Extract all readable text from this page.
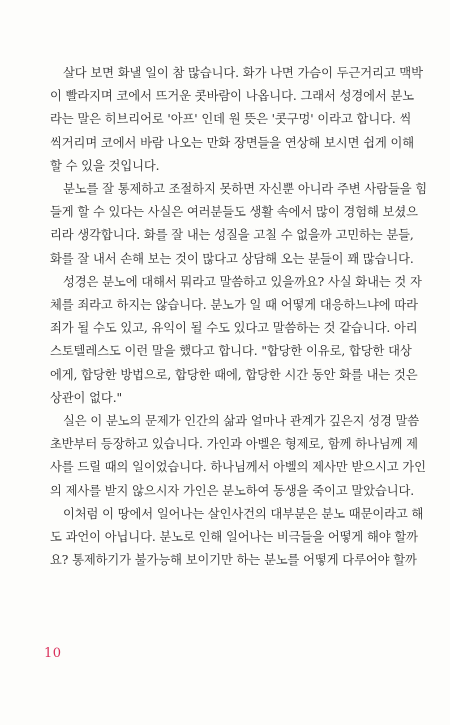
살다 보면 화낼 일이 참 많습니다. 화가 나면 가슴이 두근거리고 맥박
이 빨라지며 코에서 뜨거운 콧바람이 나옵니다. 그래서 성경에서 분노
라는 말은 히브리어로 '아프' 인데 원 뜻은 '콧구멍' 이라고 합니다. 씩
씩거리며 코에서 바람 나오는 만화 장면들을 연상해 보시면 쉽게 이해
할 수 있을 것입니다.

분노를 잘 통제하고 조절하지 못하면 자신뿐 아니라 주변 사람들을 힘
들게 할 수 있다는 사실은 여러분들도 생활 속에서 많이 경험해 보셨으
리라 생각합니다. 화를 잘 내는 성질을 고칠 수 없을까 고민하는 분들,
화를 잘 내서 손해 보는 것이 많다고 상담해 오는 분들이 꽤 많습니다.

성경은 분노에 대해서 뭐라고 말씀하고 있을까요? 사실 화내는 것 자
체를 죄라고 하지는 않습니다. 분노가 일 때 어떻게 대응하느냐에 따라
죄가 될 수도 있고, 유익이 될 수도 있다고 말씀하는 것 같습니다. 아리
스토텔레스도 이런 말을 했다고 합니다. "합당한 이유로, 합당한 대상
에게, 합당한 방법으로, 합당한 때에, 합당한 시간 동안 화를 내는 것은
상관이 없다."

실은 이 분노의 문제가 인간의 삶과 얼마나 관계가 깊은지 성경 말씀
초반부터 등장하고 있습니다. 가인과 아벨은 형제로, 함께 하나님께 제
사를 드릴 때의 일이었습니다. 하나님께서 아벨의 제사만 받으시고 가인
의 제사를 받지 않으시자 가인은 분노하여 동생을 죽이고 말았습니다.

이처럼 이 땅에서 일어나는 살인사건의 대부분은 분노 때문이라고 해
도 과언이 아닙니다. 분노로 인해 일어나는 비극들을 어떻게 해야 할까
요? 통제하기가 불가능해 보이기만 하는 분노를 어떻게 다루어야 할까

10
